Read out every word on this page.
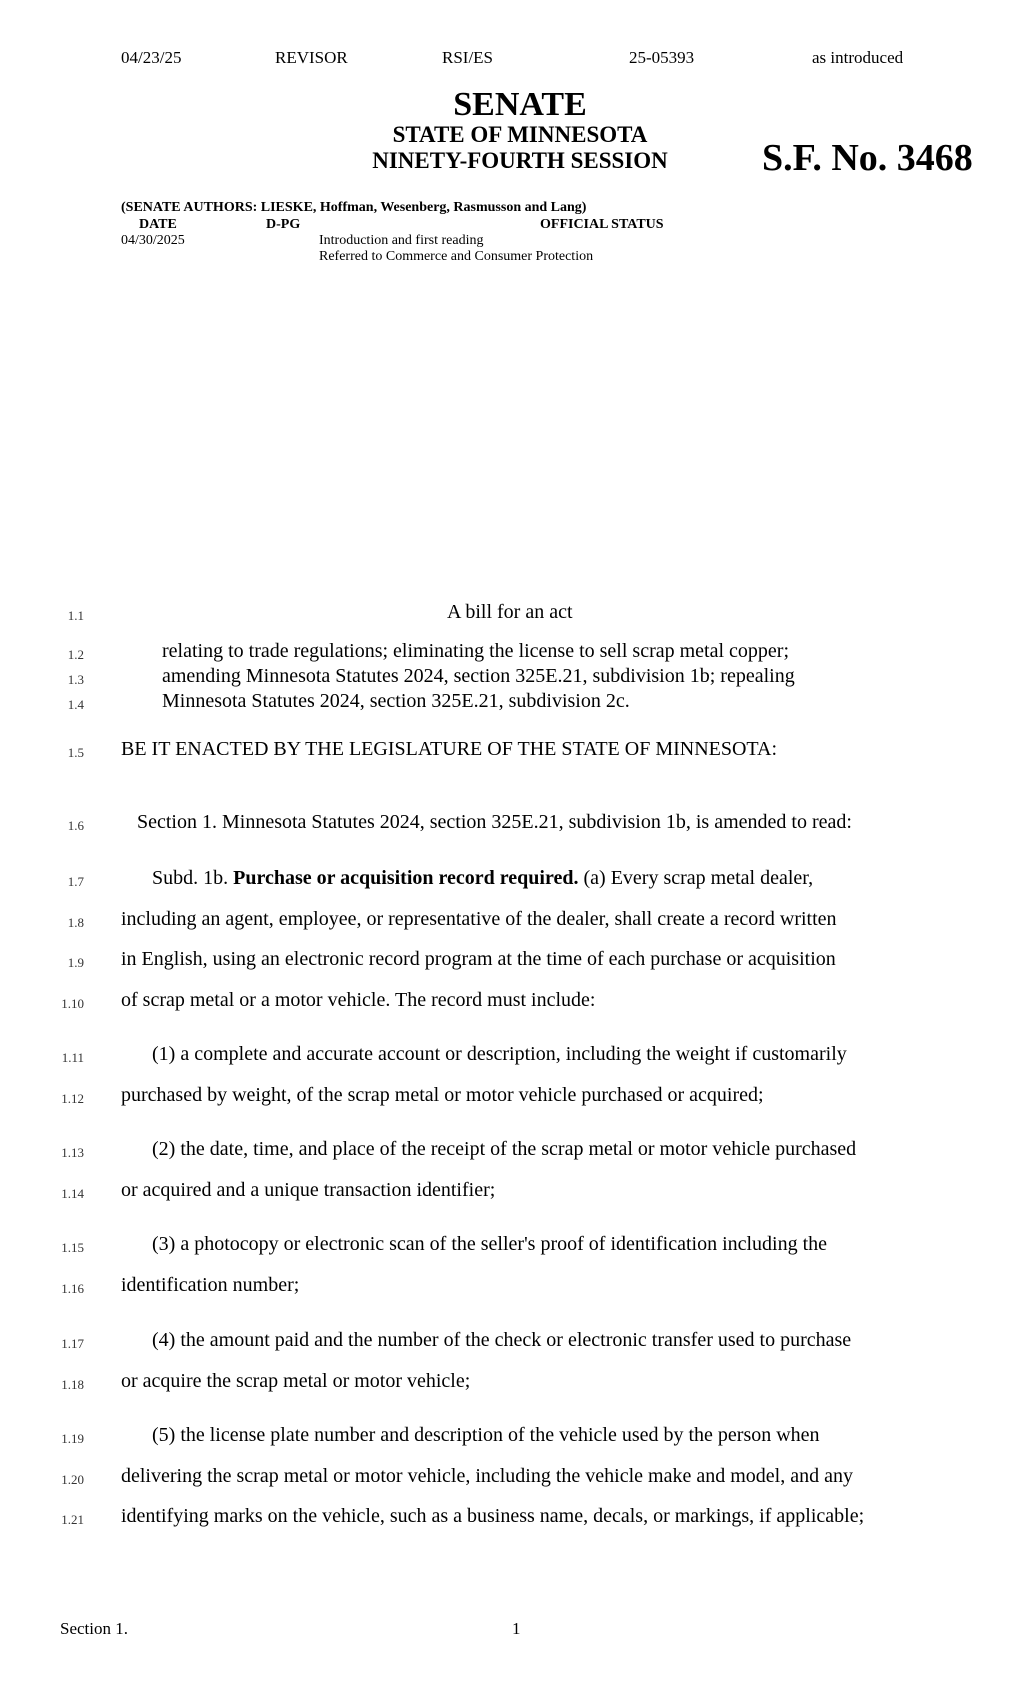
04/23/25	REVISOR	RSI/ES	25-05393	as introduced
SENATE
STATE OF MINNESOTA
NINETY-FOURTH SESSION	S.F. No. 3468
(SENATE AUTHORS: LIESKE, Hoffman, Wesenberg, Rasmusson and Lang)
DATE	D-PG	OFFICIAL STATUS
04/30/2025	Introduction and first reading
Referred to Commerce and Consumer Protection
1.1	A bill for an act
1.2	relating to trade regulations; eliminating the license to sell scrap metal copper;
1.3	amending Minnesota Statutes 2024, section 325E.21, subdivision 1b; repealing
1.4	Minnesota Statutes 2024, section 325E.21, subdivision 2c.
1.5 BE IT ENACTED BY THE LEGISLATURE OF THE STATE OF MINNESOTA:
1.6	Section 1. Minnesota Statutes 2024, section 325E.21, subdivision 1b, is amended to read:
1.7	Subd. 1b. Purchase or acquisition record required. (a) Every scrap metal dealer,
1.8 including an agent, employee, or representative of the dealer, shall create a record written
1.9 in English, using an electronic record program at the time of each purchase or acquisition
1.10 of scrap metal or a motor vehicle. The record must include:
1.11	(1) a complete and accurate account or description, including the weight if customarily
1.12 purchased by weight, of the scrap metal or motor vehicle purchased or acquired;
1.13	(2) the date, time, and place of the receipt of the scrap metal or motor vehicle purchased
1.14 or acquired and a unique transaction identifier;
1.15	(3) a photocopy or electronic scan of the seller's proof of identification including the
1.16 identification number;
1.17	(4) the amount paid and the number of the check or electronic transfer used to purchase
1.18 or acquire the scrap metal or motor vehicle;
1.19	(5) the license plate number and description of the vehicle used by the person when
1.20 delivering the scrap metal or motor vehicle, including the vehicle make and model, and any
1.21 identifying marks on the vehicle, such as a business name, decals, or markings, if applicable;
Section 1.	1
